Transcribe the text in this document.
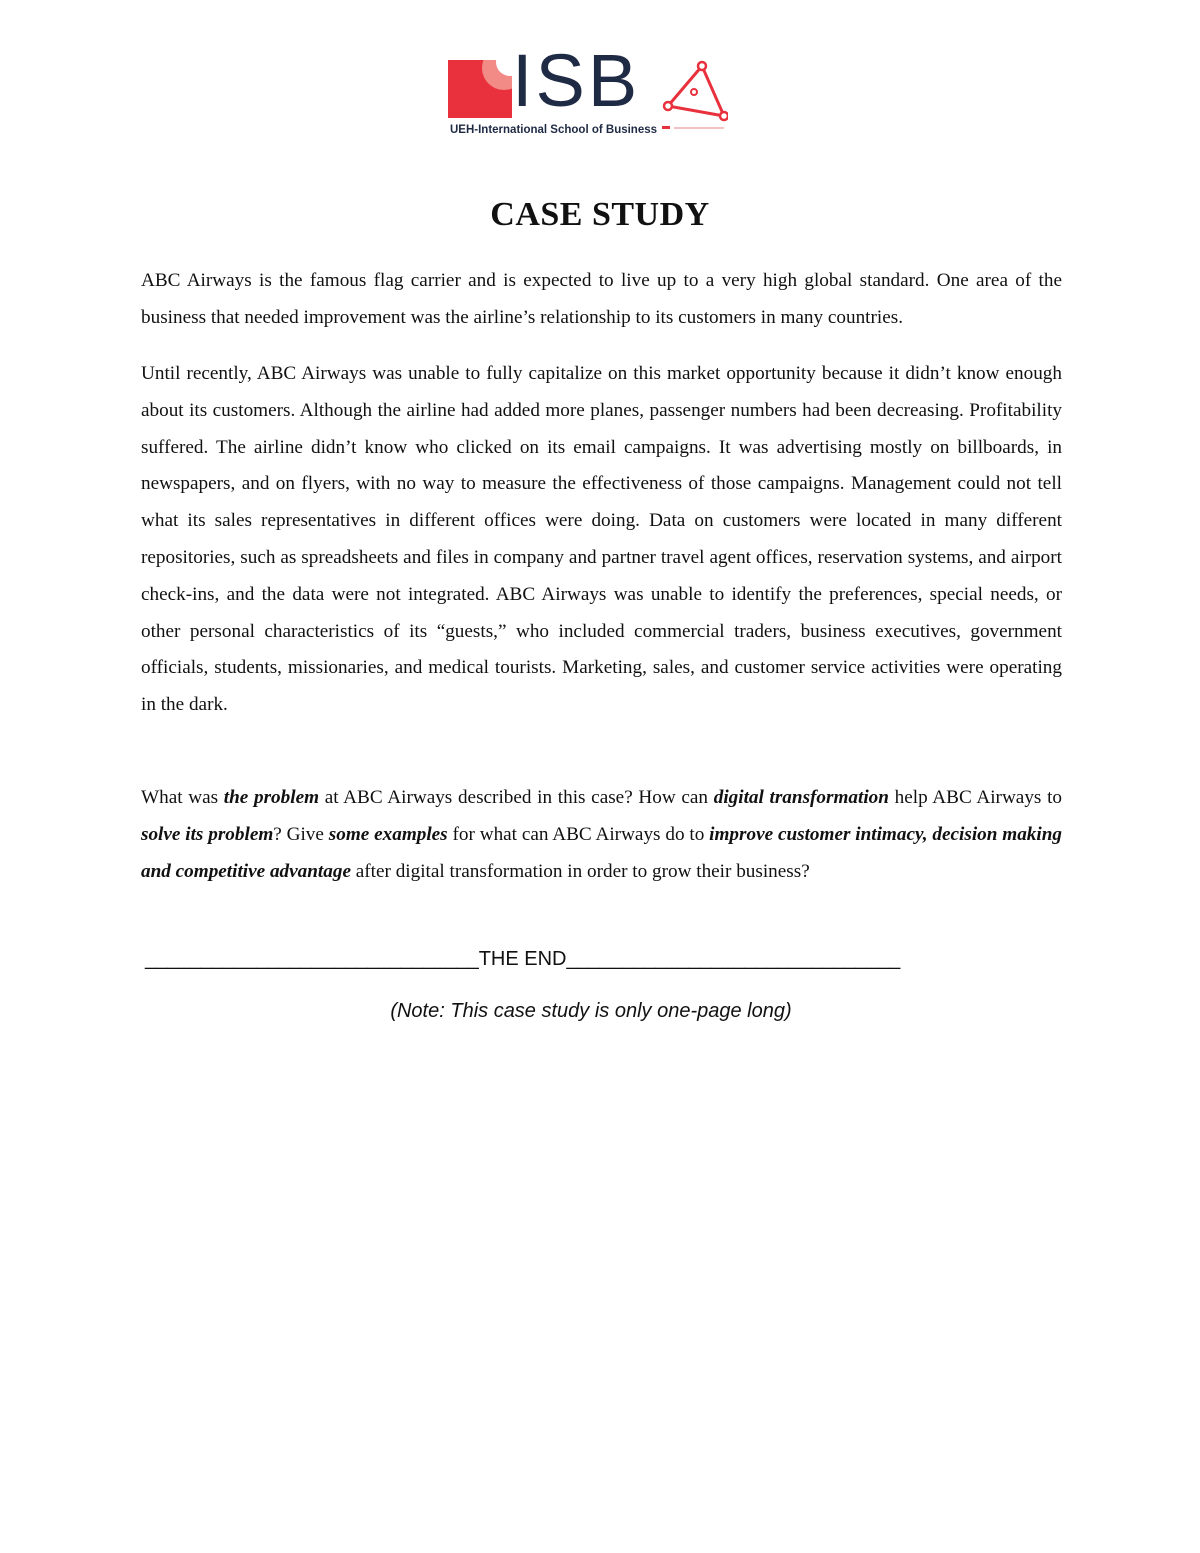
ISB
UEH-International School of Business
CASE STUDY

ABC Airways is the famous flag carrier and is expected to live up to a very high global standard. One area of the business that needed improvement was the airline’s relationship to its customers in many countries.

Until recently, ABC Airways was unable to fully capitalize on this market opportunity because it didn’t know enough about its customers. Although the airline had added more planes, passenger numbers had been decreasing. Profitability suffered. The airline didn’t know who clicked on its email campaigns. It was advertising mostly on billboards, in newspapers, and on flyers, with no way to measure the effectiveness of those campaigns. Management could not tell what its sales representatives in different offices were doing. Data on customers were located in many different repositories, such as spreadsheets and files in company and partner travel agent offices, reservation systems, and airport check-ins, and the data were not integrated. ABC Airways was unable to identify the preferences, special needs, or other personal characteristics of its “guests,” who included commercial traders, business executives, government officials, students, missionaries, and medical tourists. Marketing, sales, and customer service activities were operating in the dark.

What was the problem at ABC Airways described in this case? How can digital transformation help ABC Airways to solve its problem? Give some examples for what can ABC Airways do to improve customer intimacy, decision making and competitive advantage after digital transformation in order to grow their business?

______________________________THE END______________________________
(Note: This case study is only one-page long)
